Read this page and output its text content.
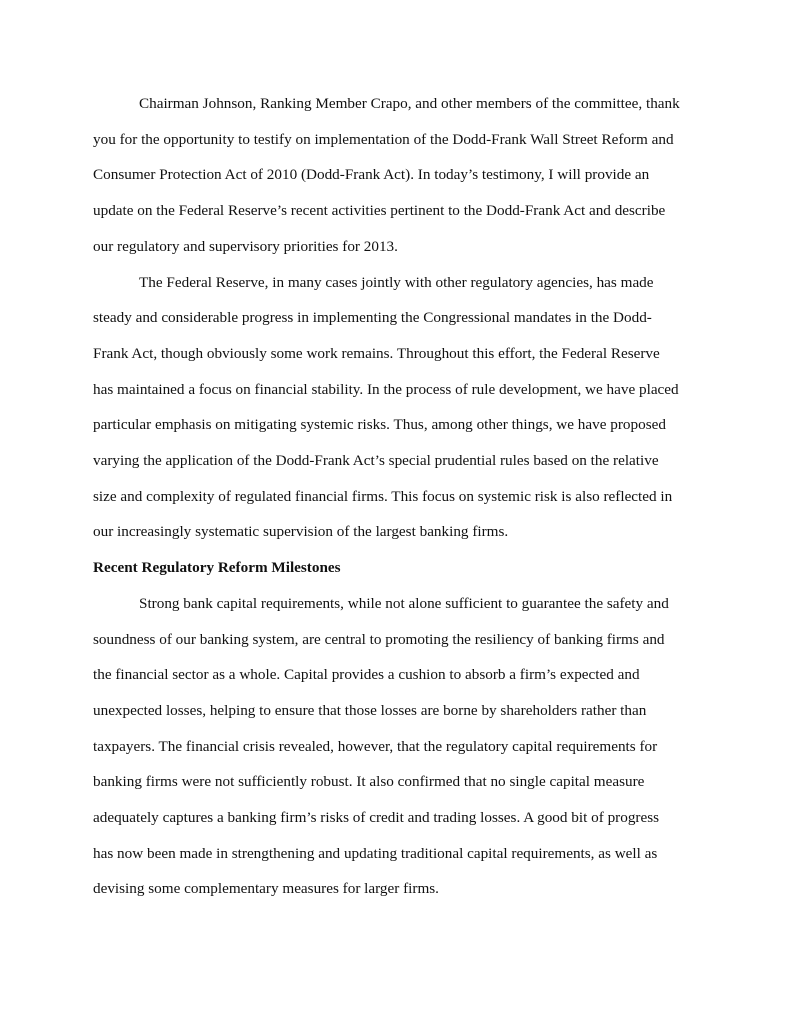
Chairman Johnson, Ranking Member Crapo, and other members of the committee, thank
you for the opportunity to testify on implementation of the Dodd-Frank Wall Street Reform and
Consumer Protection Act of 2010 (Dodd-Frank Act). In today’s testimony, I will provide an
update on the Federal Reserve’s recent activities pertinent to the Dodd-Frank Act and describe
our regulatory and supervisory priorities for 2013.

The Federal Reserve, in many cases jointly with other regulatory agencies, has made
steady and considerable progress in implementing the Congressional mandates in the Dodd-
Frank Act, though obviously some work remains. Throughout this effort, the Federal Reserve
has maintained a focus on financial stability. In the process of rule development, we have placed
particular emphasis on mitigating systemic risks. Thus, among other things, we have proposed
varying the application of the Dodd-Frank Act’s special prudential rules based on the relative
size and complexity of regulated financial firms. This focus on systemic risk is also reflected in
our increasingly systematic supervision of the largest banking firms.

Recent Regulatory Reform Milestones

Strong bank capital requirements, while not alone sufficient to guarantee the safety and
soundness of our banking system, are central to promoting the resiliency of banking firms and
the financial sector as a whole. Capital provides a cushion to absorb a firm’s expected and
unexpected losses, helping to ensure that those losses are borne by shareholders rather than
taxpayers. The financial crisis revealed, however, that the regulatory capital requirements for
banking firms were not sufficiently robust. It also confirmed that no single capital measure
adequately captures a banking firm’s risks of credit and trading losses. A good bit of progress
has now been made in strengthening and updating traditional capital requirements, as well as
devising some complementary measures for larger firms.
